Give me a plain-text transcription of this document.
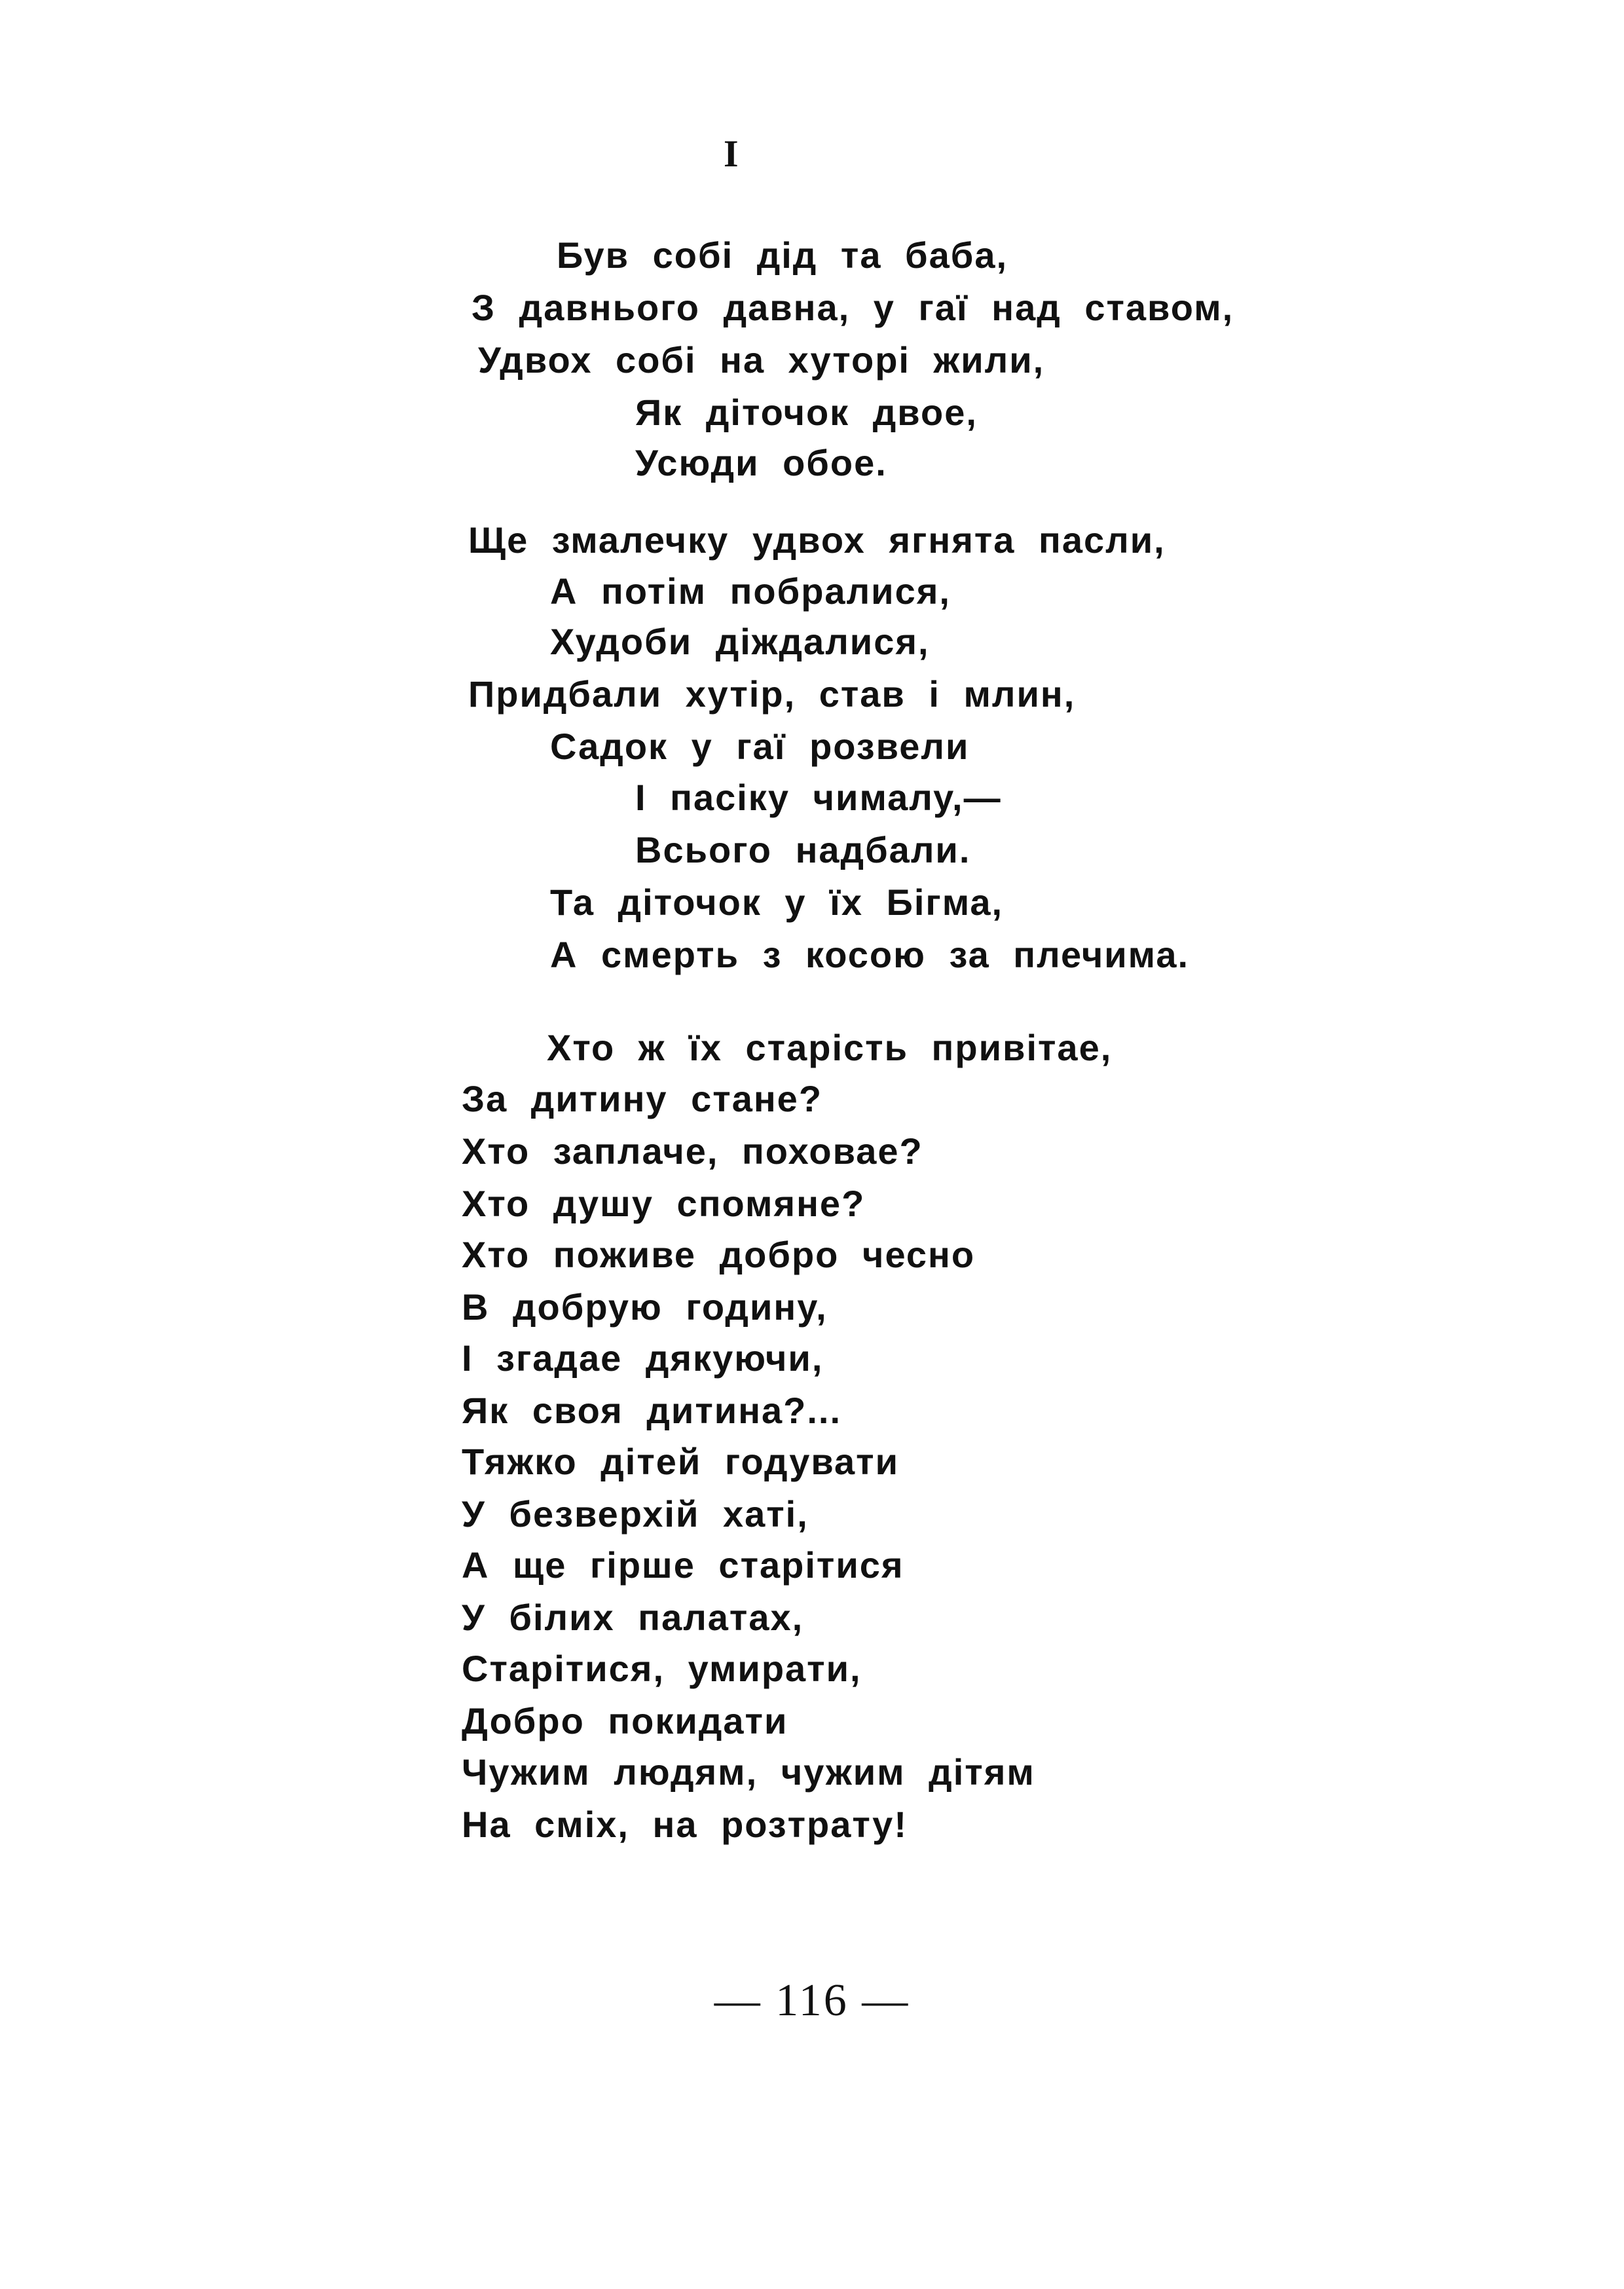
I
Був собі дід та баба,
З давнього давна, у гаї над ставом,
Удвох собі на хуторі жили,
Як діточок двое,
Усюди обое.
Ще змалечку удвох ягнята пасли,
А потім побралися,
Худоби діждалися,
Придбали хутір, став і млин,
Садок у гаї розвели
І пасіку чималу,—
Всього надбали.
Та діточок у їх Бігма,
А смерть з косою за плечима.
Хто ж їх старість привітае,
За дитину стане?
Хто заплаче, поховае?
Хто душу спомяне?
Хто поживе добро чесно
В добрую годину,
І згадае дякуючи,
Як своя дитина?...
Тяжко дітей годувати
У безверхій хаті,
А ще гірше старітися
У білих палатах,
Старітися, умирати,
Добро покидати
Чужим людям, чужим дітям
На сміх, на розтрату!
— 116 —
